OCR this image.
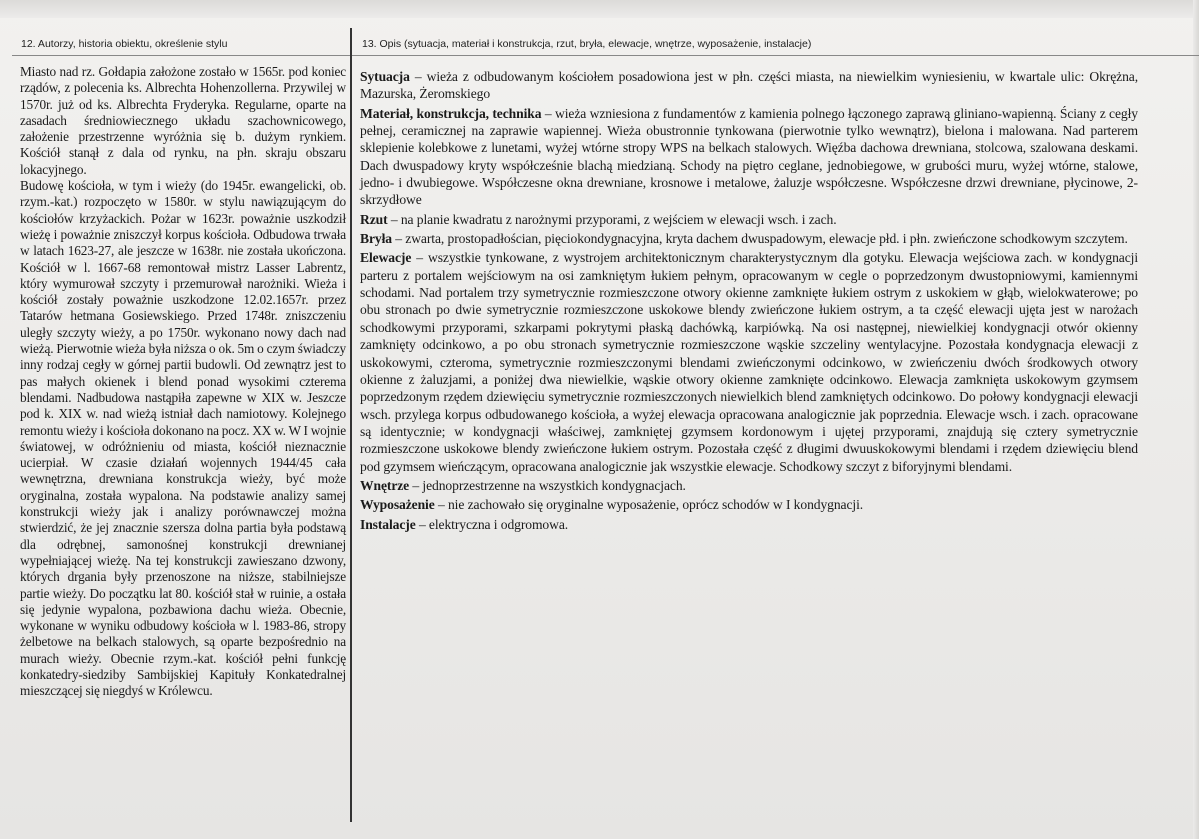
12. Autorzy, historia obiektu, określenie stylu	13. Opis (sytuacja, materiał i konstrukcja, rzut, bryła, elewacje, wnętrze, wyposażenie, instalacje)

Miasto nad rz. Gołdapia założone zostało w 1565r. pod koniec rządów, z polecenia ks. Albrechta Hohenzollerna. Przywilej w 1570r. już od ks. Albrechta Fryderyka. Regularne, oparte na zasadach średniowiecznego układu szachownicowego, założenie przestrzenne wyróżnia się b. dużym rynkiem. Kościół stanął z dala od rynku, na płn. skraju obszaru lokacyjnego.

Budowę kościoła, w tym i wieży (do 1945r. ewangelicki, ob. rzym.-kat.) rozpoczęto w 1580r. w stylu nawiązującym do kościołów krzyżackich. Pożar w 1623r. poważnie uszkodził wieżę i poważnie zniszczył korpus kościoła. Odbudowa trwała w latach 1623-27, ale jeszcze w 1638r. nie została ukończona. Kościół w l. 1667-68 remontował mistrz Lasser Labrentz, który wymurował szczyty i przemurował narożniki. Wieża i kościół zostały poważnie uszkodzone 12.02.1657r. przez Tatarów hetmana Gosiewskiego. Przed 1748r. zniszczeniu uległy szczyty wieży, a po 1750r. wykonano nowy dach nad wieżą. Pierwotnie wieża była niższa o ok. 5m o czym świadczy inny rodzaj cegły w górnej partii budowli. Od zewnątrz jest to pas małych okienek i blend ponad wysokimi czterema blendami. Nadbudowa nastąpiła zapewne w XIX w. Jeszcze pod k. XIX w. nad wieżą istniał dach namiotowy. Kolejnego remontu wieży i kościoła dokonano na pocz. XX w. W I wojnie światowej, w odróżnieniu od miasta, kościół nieznacznie ucierpiał. W czasie działań wojennych 1944/45 cała wewnętrzna, drewniana konstrukcja wieży, być może oryginalna, została wypalona. Na podstawie analizy samej konstrukcji wieży jak i analizy porównawczej można stwierdzić, że jej znacznie szersza dolna partia była podstawą dla odrębnej, samonośnej konstrukcji drewnianej wypełniającej wieżę. Na tej konstrukcji zawieszano dzwony, których drgania były przenoszone na niższe, stabilniejsze partie wieży. Do początku lat 80. kościół stał w ruinie, a ostała się jedynie wypalona, pozbawiona dachu wieża. Obecnie, wykonane w wyniku odbudowy kościoła w l. 1983-86, stropy żelbetowe na belkach stalowych, są oparte bezpośrednio na murach wieży. Obecnie rzym.-kat. kościół pełni funkcję konkatedry-siedziby Sambijskiej Kapituły Konkatedralnej mieszczącej się niegdyś w Królewcu.

Sytuacja – wieża z odbudowanym kościołem posadowiona jest w płn. części miasta, na niewielkim wyniesieniu, w kwartale ulic: Okrężna, Mazurska, Żeromskiego

Materiał, konstrukcja, technika – wieża wzniesiona z fundamentów z kamienia polnego łączonego zaprawą gliniano-wapienną. Ściany z cegły pełnej, ceramicznej na zaprawie wapiennej. Wieża obustronnie tynkowana (pierwotnie tylko wewnątrz), bielona i malowana. Nad parterem sklepienie kolebkowe z lunetami, wyżej wtórne stropy WPS na belkach stalowych. Więźba dachowa drewniana, stolcowa, szalowana deskami. Dach dwuspadowy kryty współcześnie blachą miedzianą. Schody na piętro ceglane, jednobiegowe, w grubości muru, wyżej wtórne, stalowe, jedno- i dwubiegowe. Współczesne okna drewniane, krosnowe i metalowe, żaluzje współczesne. Współczesne drzwi drewniane, płycinowe, 2-skrzydłowe

Rzut – na planie kwadratu z narożnymi przyporami, z wejściem w elewacji wsch. i zach.

Bryła – zwarta, prostopadłościan, pięciokondygnacyjna, kryta dachem dwuspadowym, elewacje płd. i płn. zwieńczone schodkowym szczytem.

Elewacje – wszystkie tynkowane, z wystrojem architektonicznym charakterystycznym dla gotyku. Elewacja wejściowa zach. w kondygnacji parteru z portalem wejściowym na osi zamkniętym łukiem pełnym, opracowanym w cegle o poprzedzonym dwustopniowymi, kamiennymi schodami. Nad portalem trzy symetrycznie rozmieszczone otwory okienne zamknięte łukiem ostrym z uskokiem w głąb, wielokwaterowe; po obu stronach po dwie symetrycznie rozmieszczone uskokowe blendy zwieńczone łukiem ostrym, a ta część elewacji ujęta jest w narożach schodkowymi przyporami, szkarpami pokrytymi płaską dachówką, karpiówką. Na osi następnej, niewielkiej kondygnacji otwór okienny zamknięty odcinkowo, a po obu stronach symetrycznie rozmieszczone wąskie szczeliny wentylacyjne. Pozostała kondygnacja elewacji z uskokowymi, czteroma, symetrycznie rozmieszczonymi blendami zwieńczonymi odcinkowo, w zwieńczeniu dwóch środkowych otwory okienne z żaluzjami, a poniżej dwa niewielkie, wąskie otwory okienne zamknięte odcinkowo. Elewacja zamknięta uskokowym gzymsem poprzedzonym rzędem dziewięciu symetrycznie rozmieszczonych niewielkich blend zamkniętych odcinkowo. Do połowy kondygnacji elewacji wsch. przylega korpus odbudowanego kościoła, a wyżej elewacja opracowana analogicznie jak poprzednia. Elewacje wsch. i zach. opracowane są identycznie; w kondygnacji właściwej, zamkniętej gzymsem kordonowym i ujętej przyporami, znajdują się cztery symetrycznie rozmieszczone uskokowe blendy zwieńczone łukiem ostrym. Pozostała część z długimi dwuuskokowymi blendami i rzędem dziewięciu blend pod gzymsem wieńczącym, opracowana analogicznie jak wszystkie elewacje. Schodkowy szczyt z biforyjnymi blendami.

Wnętrze – jednoprzestrzenne na wszystkich kondygnacjach.

Wyposażenie – nie zachowało się oryginalne wyposażenie, oprócz schodów w I kondygnacji.

Instalacje – elektryczna i odgromowa.
